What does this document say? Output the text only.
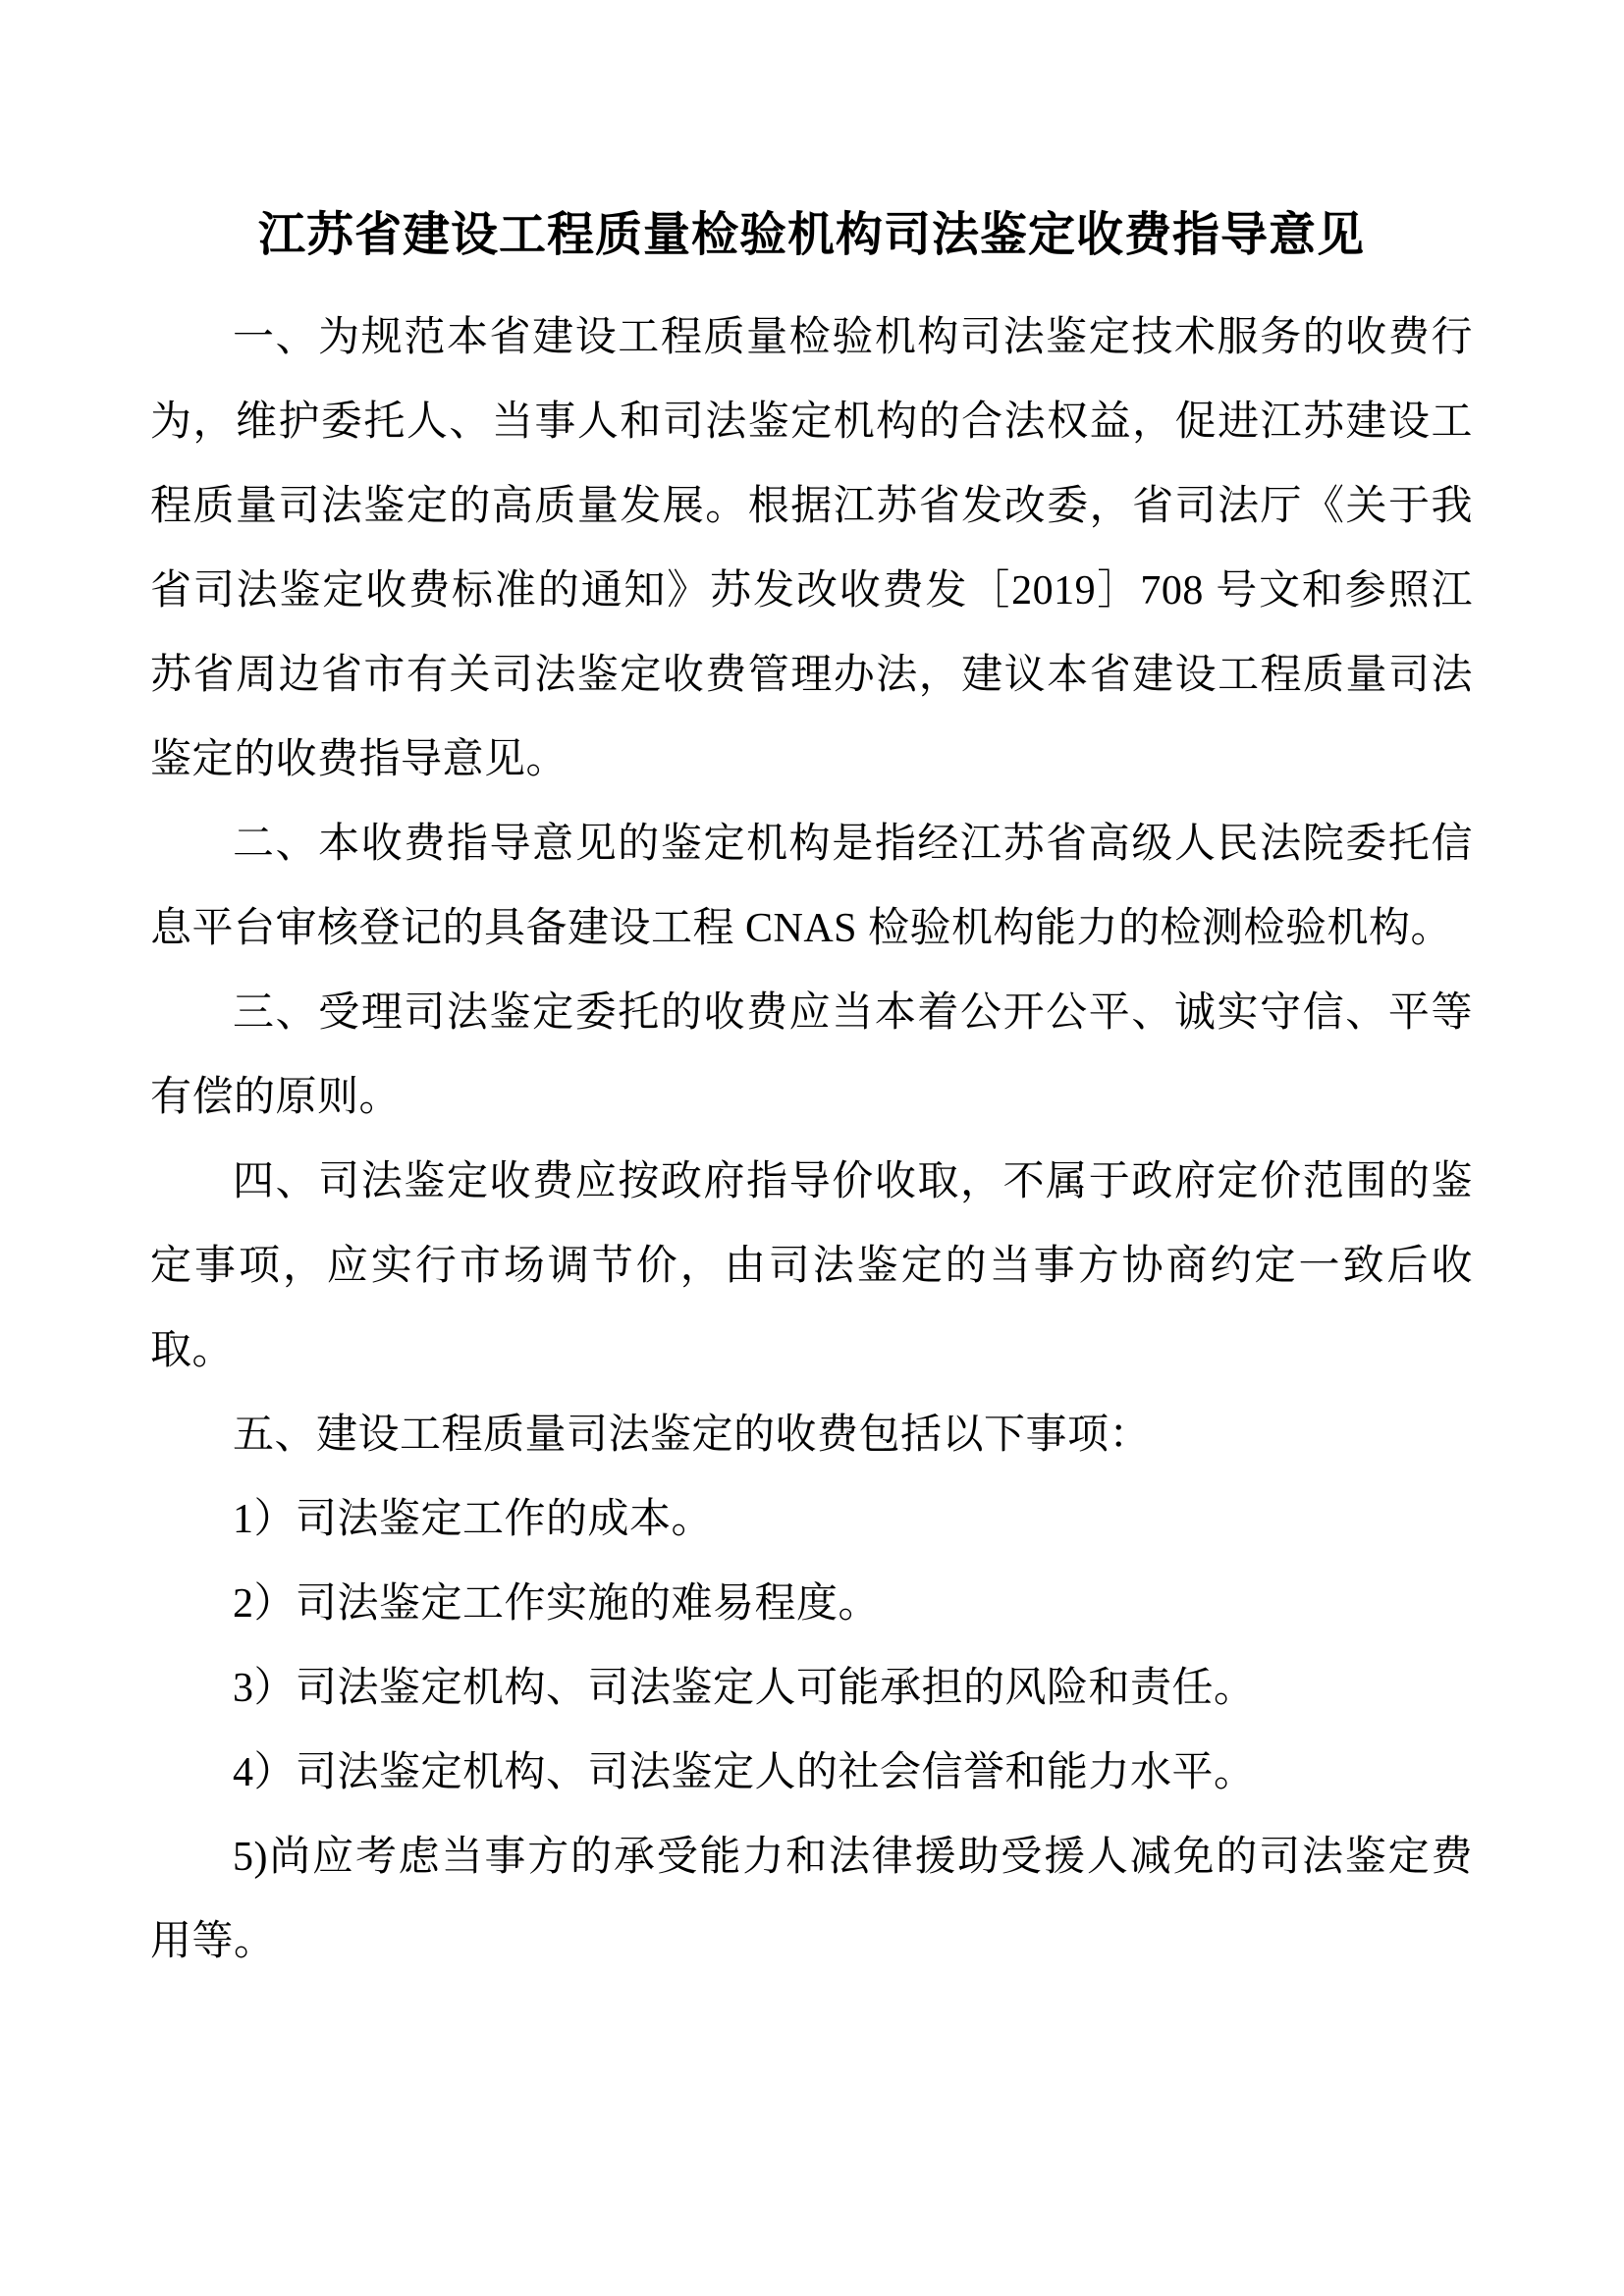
江苏省建设工程质量检验机构司法鉴定收费指导意见

一、为规范本省建设工程质量检验机构司法鉴定技术服务的收费行为，维护委托人、当事人和司法鉴定机构的合法权益，促进江苏建设工程质量司法鉴定的高质量发展。根据江苏省发改委，省司法厅《关于我省司法鉴定收费标准的通知》苏发改收费发［2019］708 号文和参照江苏省周边省市有关司法鉴定收费管理办法，建议本省建设工程质量司法鉴定的收费指导意见。

二、本收费指导意见的鉴定机构是指经江苏省高级人民法院委托信息平台审核登记的具备建设工程 CNAS 检验机构能力的检测检验机构。

三、受理司法鉴定委托的收费应当本着公开公平、诚实守信、平等有偿的原则。

四、司法鉴定收费应按政府指导价收取，不属于政府定价范围的鉴定事项，应实行市场调节价，由司法鉴定的当事方协商约定一致后收取。

五、建设工程质量司法鉴定的收费包括以下事项：

1）司法鉴定工作的成本。

2）司法鉴定工作实施的难易程度。

3）司法鉴定机构、司法鉴定人可能承担的风险和责任。

4）司法鉴定机构、司法鉴定人的社会信誉和能力水平。

5)尚应考虑当事方的承受能力和法律援助受援人减免的司法鉴定费用等。
